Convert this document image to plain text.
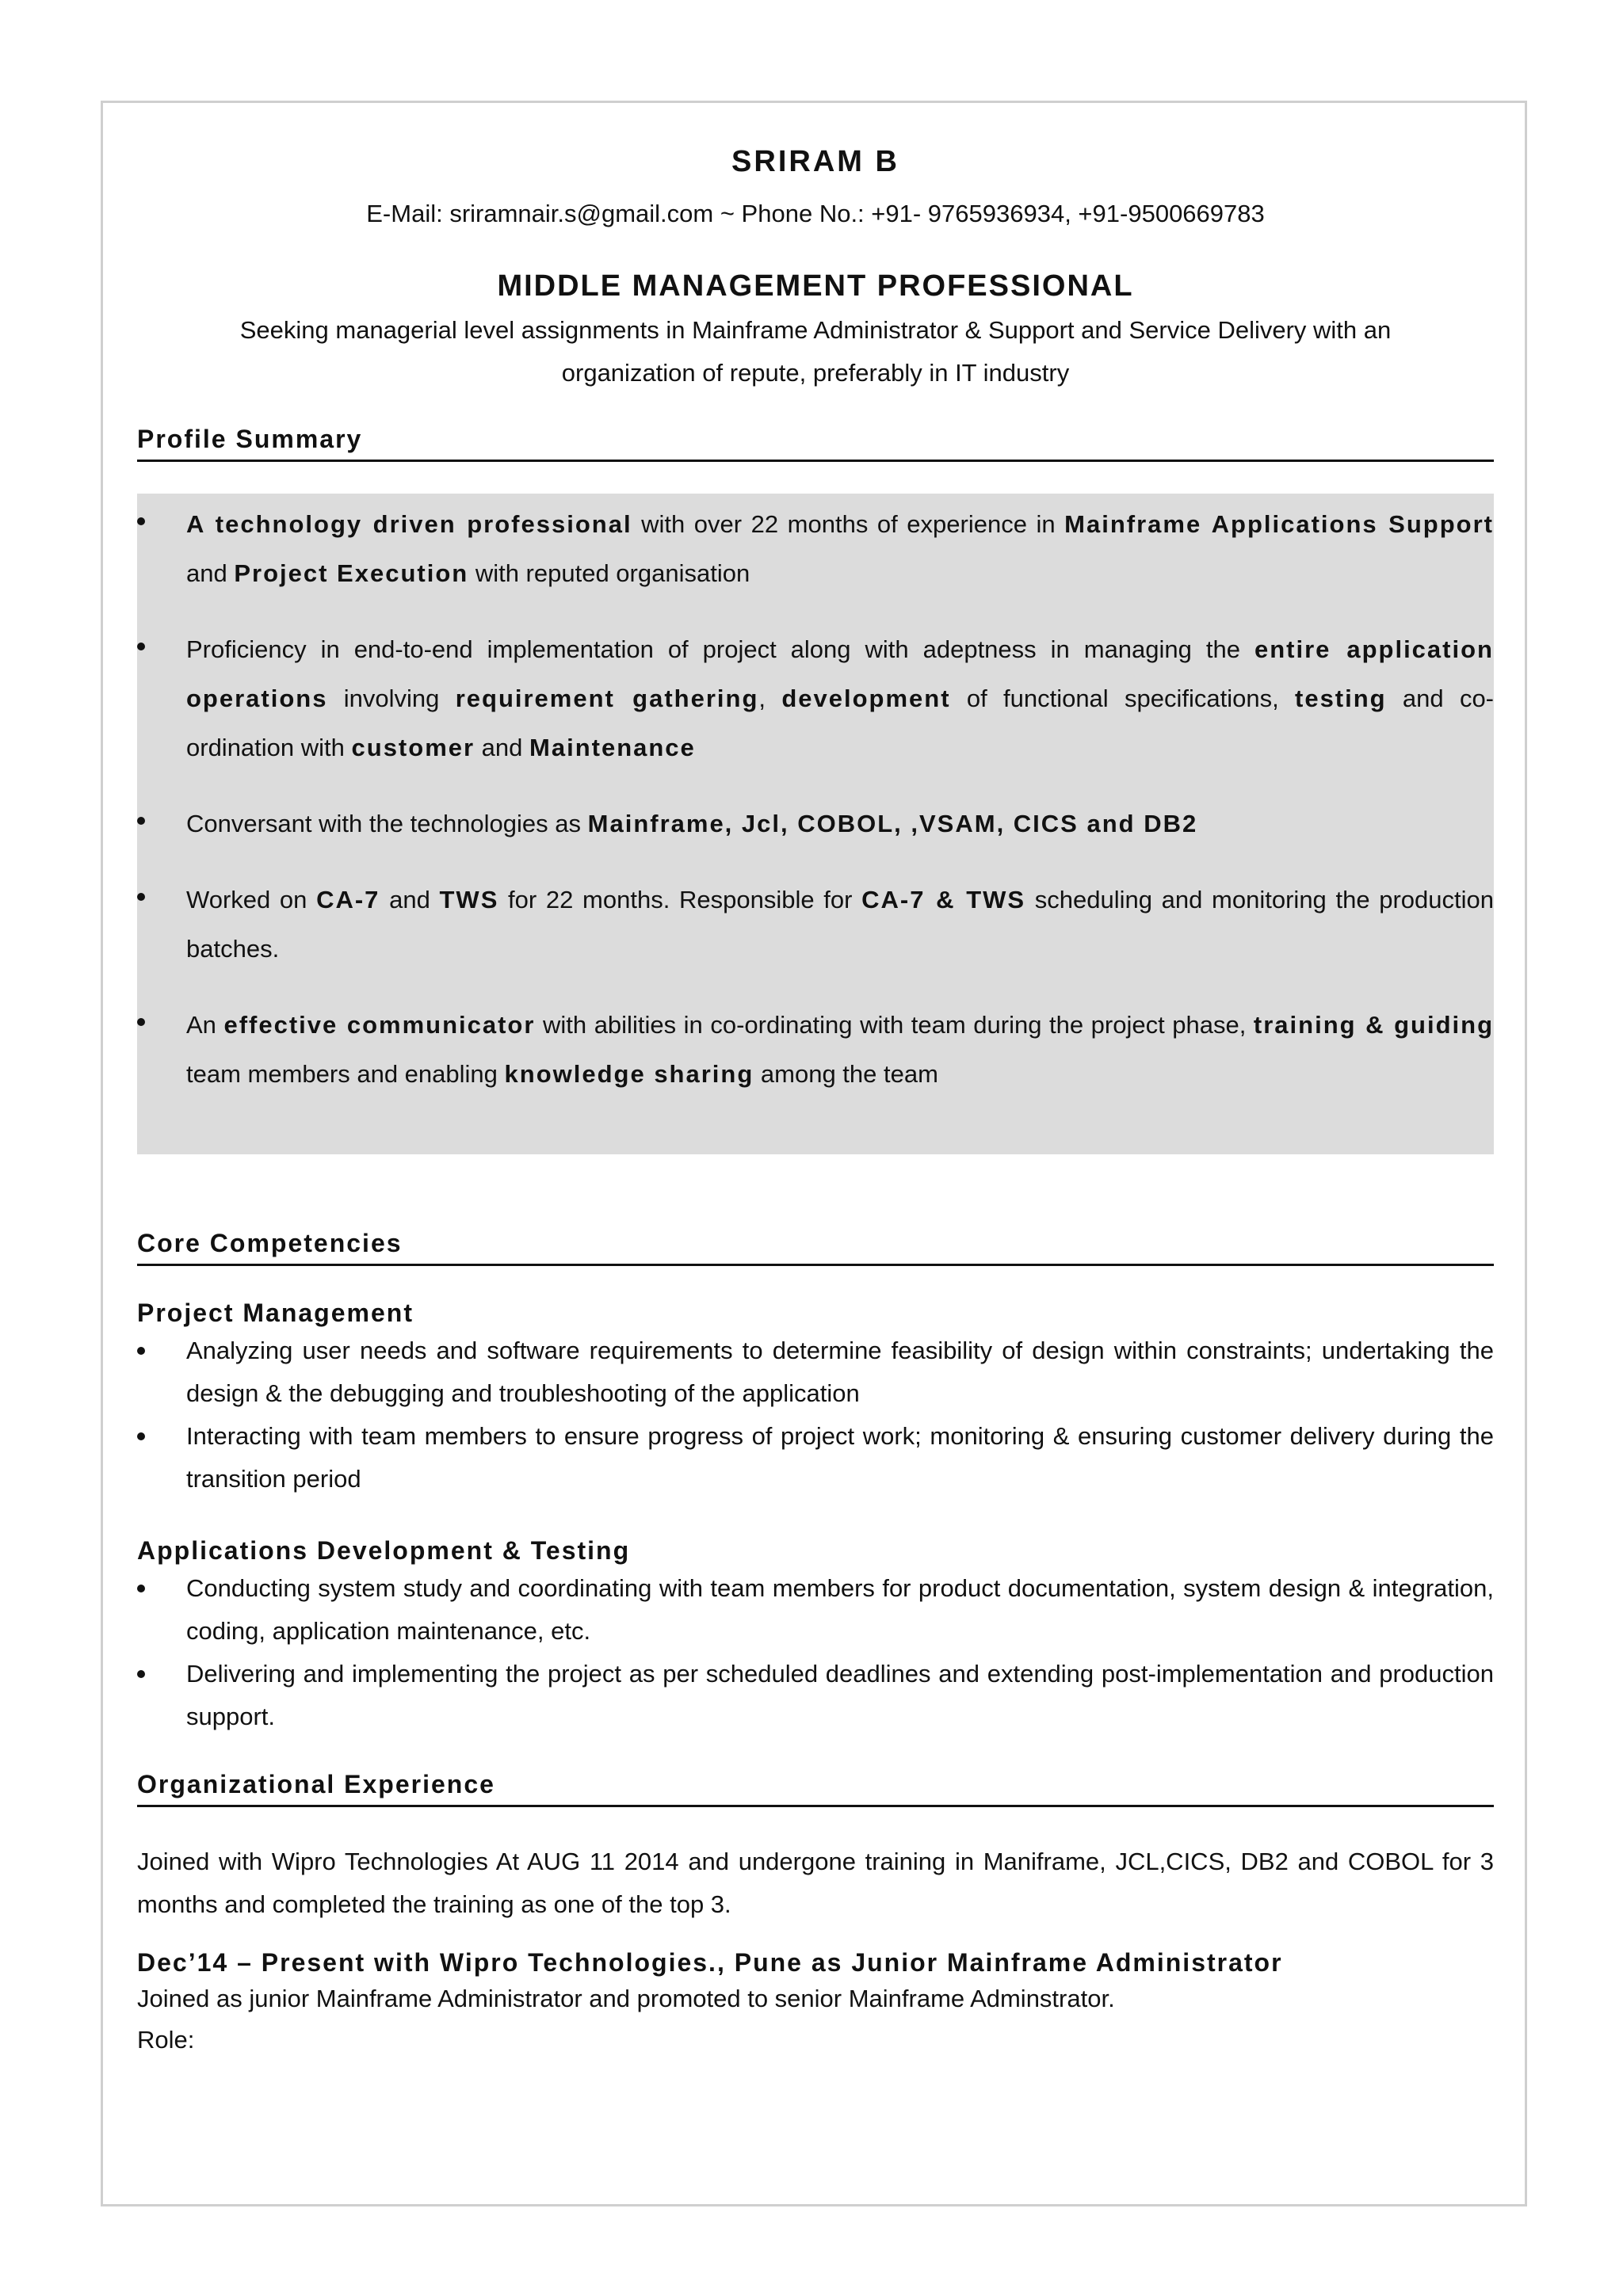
SRIRAM B
E-Mail: sriramnair.s@gmail.com ~ Phone No.: +91- 9765936934, +91-9500669783
MIDDLE MANAGEMENT PROFESSIONAL
Seeking managerial level assignments in Mainframe Administrator & Support and Service Delivery with an
organization of repute, preferably in IT industry
Profile Summary
A technology driven professional with over 22 months of experience in Mainframe Applications Support and Project Execution with reputed organisation
Proficiency in end-to-end implementation of project along with adeptness in managing the entire application operations involving requirement gathering, development of functional specifications, testing and co-ordination with customer and Maintenance
Conversant with the technologies as Mainframe, Jcl, COBOL, ,VSAM, CICS and DB2
Worked on CA-7 and TWS for 22 months. Responsible for CA-7 & TWS scheduling and monitoring the production batches.
An effective communicator with abilities in co-ordinating with team during the project phase, training & guiding team members and enabling knowledge sharing among the team
Core Competencies
Project Management
Analyzing user needs and software requirements to determine feasibility of design within constraints; undertaking the design & the debugging and troubleshooting of the application
Interacting with team members to ensure progress of project work; monitoring & ensuring customer delivery during the transition period
Applications Development & Testing
Conducting system study and coordinating with team members for product documentation, system design & integration, coding, application maintenance, etc.
Delivering and implementing the project as per scheduled deadlines and extending post-implementation and production support.
Organizational Experience
Joined with Wipro Technologies At AUG 11 2014 and undergone training in Maniframe, JCL,CICS, DB2 and COBOL for 3 months and completed the training as one of the top 3.
Dec’14 – Present with Wipro Technologies., Pune as Junior Mainframe Administrator
Joined as junior Mainframe Administrator and promoted to senior Mainframe Adminstrator.
Role:
